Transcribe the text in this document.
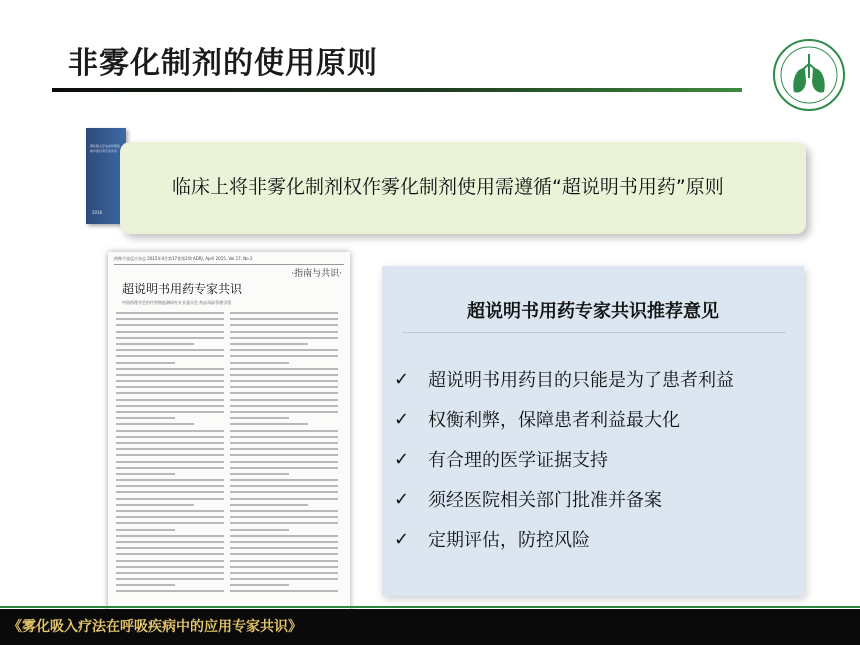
非雾化制剂的使用原则
雾化吸入疗法在呼吸疾病中的应用专家共识
2016
临床上将非雾化制剂权作雾化制剂使用需遵循“超说明书用药”原则
药物不良反应杂志 2015年4月第17卷第2期 ADRJ, April 2015, Vol 17, No 2
·指南与共识·
超说明书用药专家共识
中国药理学会治疗药物监测研究专业委员会 药品风险管理学组	超说明书用药专家共识推荐意见
✓	超说明书用药目的只能是为了患者利益
✓	权衡利弊，保障患者利益最大化
✓	有合理的医学证据支持
✓	须经医院相关部门批准并备案
✓	定期评估，防控风险
《雾化吸入疗法在呼吸疾病中的应用专家共识》
